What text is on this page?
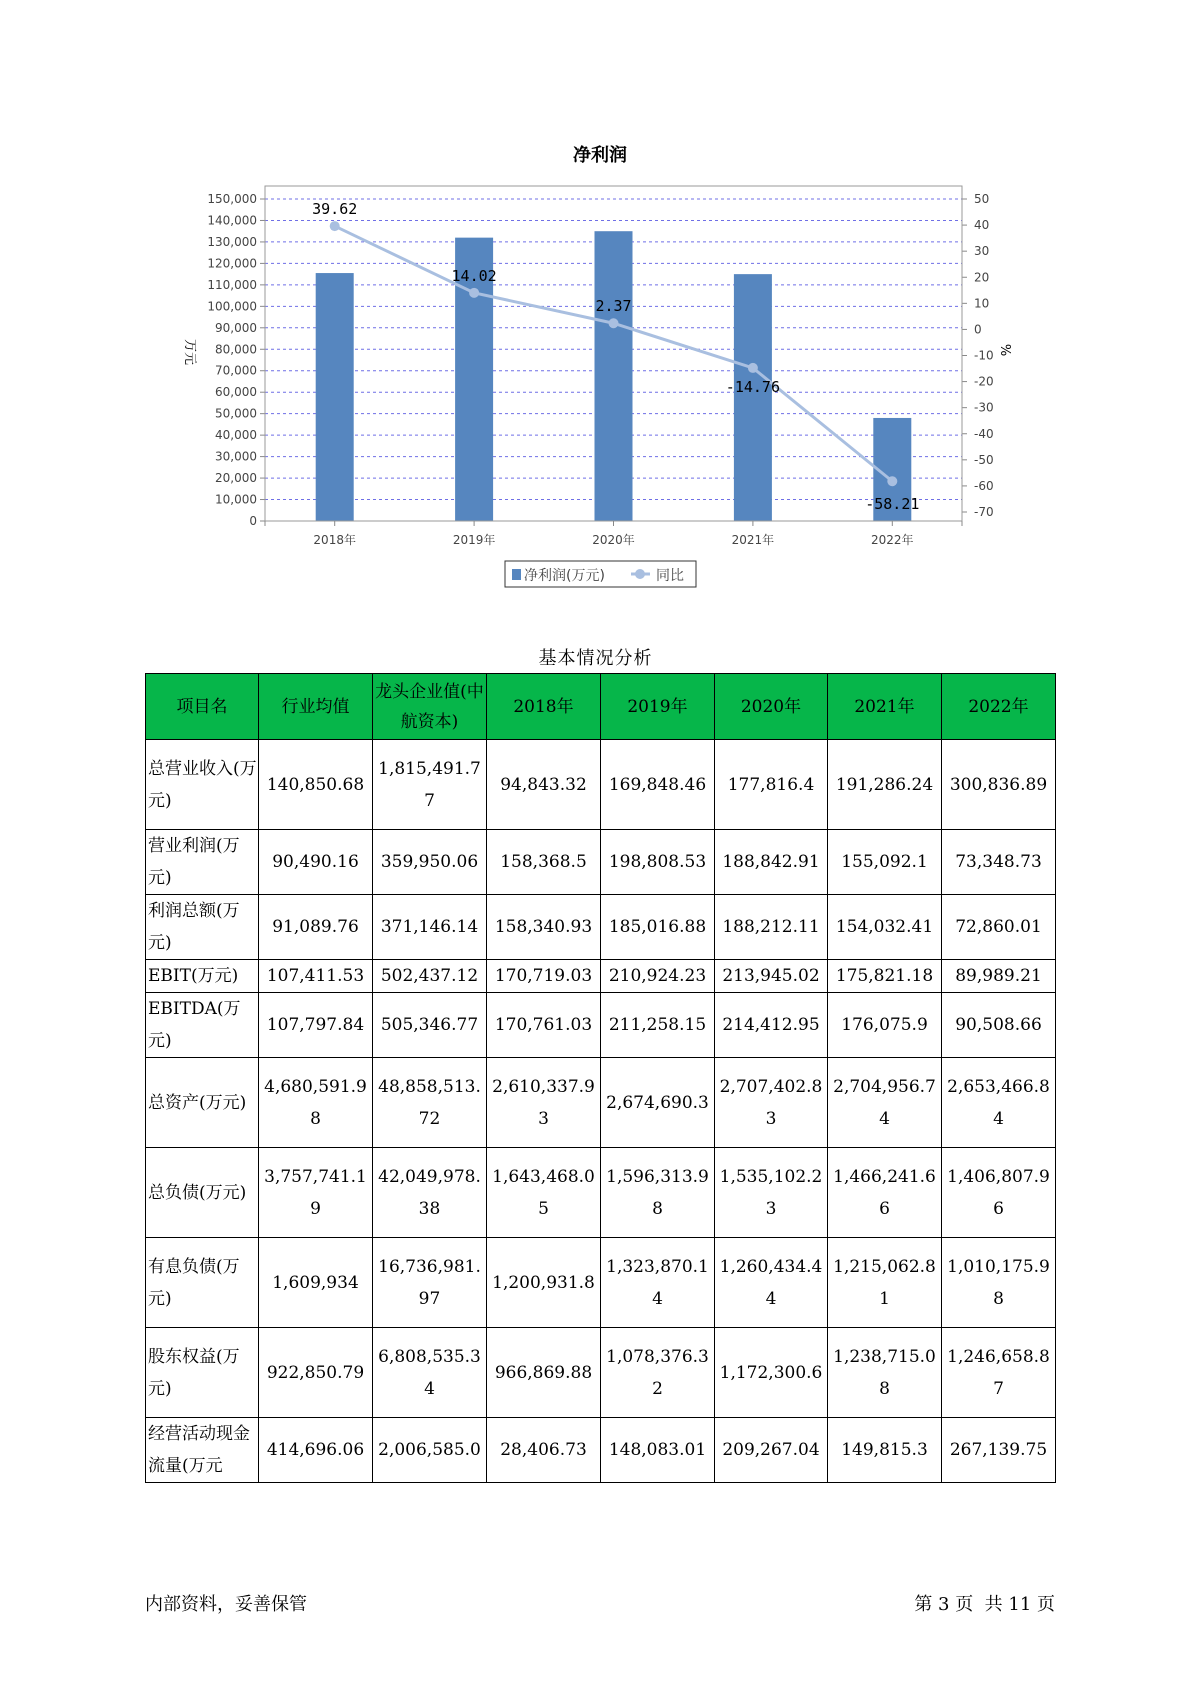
净利润
万元	%
39.62
14.02
2.37
-14.76
-58.21
0
10,000
20,000
30,000
40,000
50,000
60,000
70,000
80,000
90,000
100,000
110,000
120,000
130,000
140,000
150,000	50
40
30
20
10
0
-10
-20
-30
-40
-50
-60
-70
2018年	2019年	2020年	2021年	2022年
净利润(万元)	同比
基本情况分析
项目名	行业均值	龙头企业值(中航资本)	2018年	2019年	2020年	2021年	2022年
总营业收入(万元)	140,850.68	1,815,491.77	94,843.32	169,848.46	177,816.4	191,286.24	300,836.89
营业利润(万元)	90,490.16	359,950.06	158,368.5	198,808.53	188,842.91	155,092.1	73,348.73
利润总额(万元)	91,089.76	371,146.14	158,340.93	185,016.88	188,212.11	154,032.41	72,860.01
EBIT(万元)	107,411.53	502,437.12	170,719.03	210,924.23	213,945.02	175,821.18	89,989.21
EBITDA(万元)	107,797.84	505,346.77	170,761.03	211,258.15	214,412.95	176,075.9	90,508.66
总资产(万元)	4,680,591.98	48,858,513.72	2,610,337.93	2,674,690.3	2,707,402.83	2,704,956.74	2,653,466.84
总负债(万元)	3,757,741.19	42,049,978.38	1,643,468.05	1,596,313.98	1,535,102.23	1,466,241.66	1,406,807.96
有息负债(万元)	1,609,934	16,736,981.97	1,200,931.8	1,323,870.14	1,260,434.44	1,215,062.81	1,010,175.98
股东权益(万元)	922,850.79	6,808,535.34	966,869.88	1,078,376.32	1,172,300.6	1,238,715.08	1,246,658.87
经营活动现金流量(万元	414,696.06	2,006,585.0	28,406.73	148,083.01	209,267.04	149,815.3	267,139.75
内部资料，妥善保管	第 3 页  共 11 页
